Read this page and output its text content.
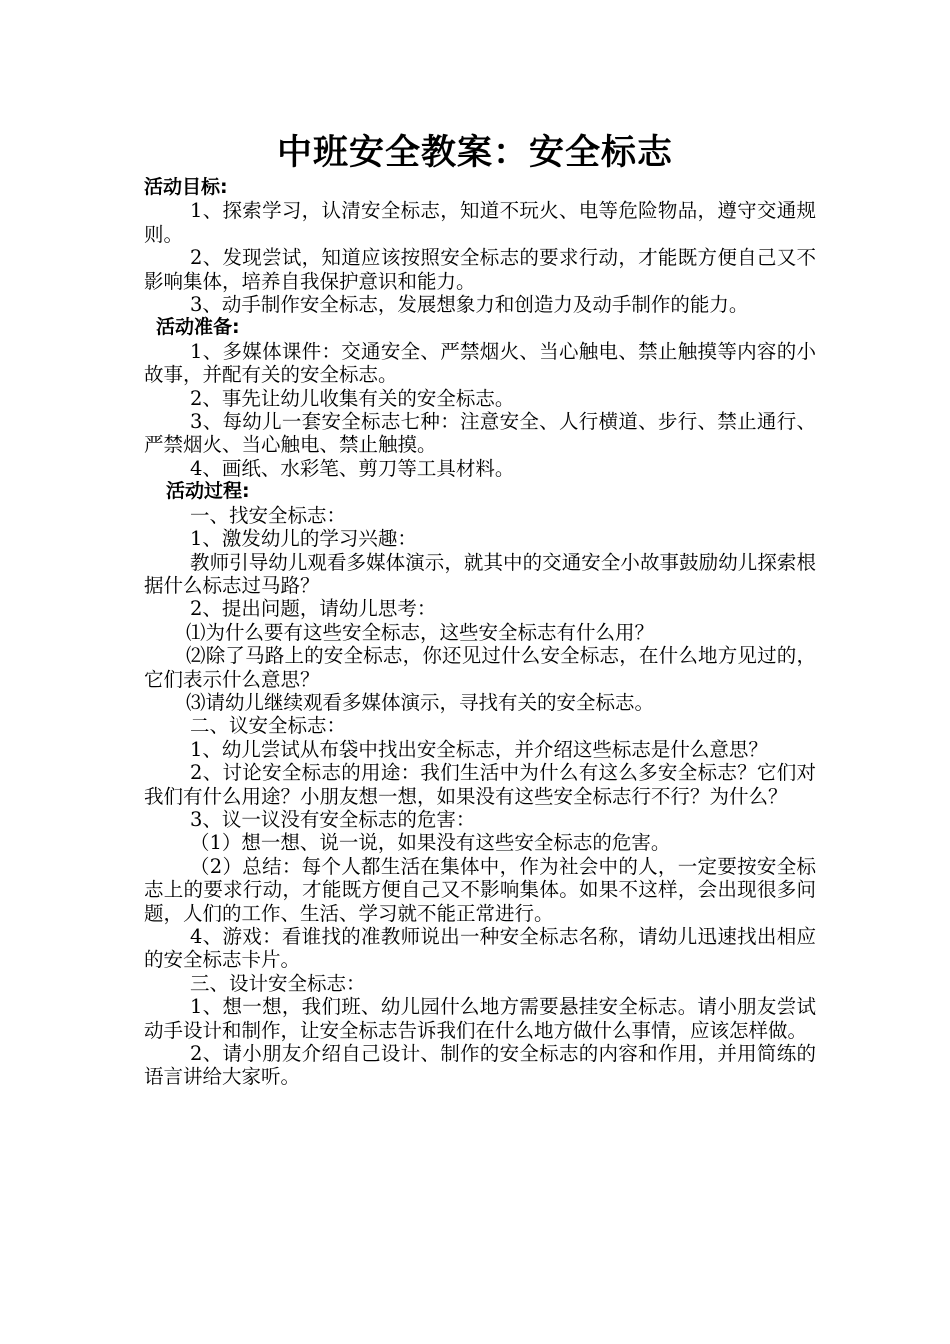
中班安全教案：安全标志

活动目标:

1、探索学习，认清安全标志，知道不玩火、电等危险物品，遵守交通规则。

2、发现尝试，知道应该按照安全标志的要求行动，才能既方便自己又不影响集体，培养自我保护意识和能力。

3、动手制作安全标志，发展想象力和创造力及动手制作的能力。

活动准备:

1、多媒体课件：交通安全、严禁烟火、当心触电、禁止触摸等内容的小故事，并配有关的安全标志。

2、事先让幼儿收集有关的安全标志。

3、每幼儿一套安全标志七种：注意安全、人行横道、步行、禁止通行、严禁烟火、当心触电、禁止触摸。

4、画纸、水彩笔、剪刀等工具材料。

活动过程:

一、找安全标志：

1、激发幼儿的学习兴趣：

教师引导幼儿观看多媒体演示，就其中的交通安全小故事鼓励幼儿探索根据什么标志过马路？

2、提出问题，请幼儿思考：

⑴为什么要有这些安全标志，这些安全标志有什么用？

⑵除了马路上的安全标志，你还见过什么安全标志，在什么地方见过的，它们表示什么意思？

⑶请幼儿继续观看多媒体演示，寻找有关的安全标志。

二、议安全标志：

1、幼儿尝试从布袋中找出安全标志，并介绍这些标志是什么意思？

2、讨论安全标志的用途：我们生活中为什么有这么多安全标志？它们对我们有什么用途？小朋友想一想，如果没有这些安全标志行不行？为什么？

3、议一议没有安全标志的危害：

（1）想一想、说一说，如果没有这些安全标志的危害。

（2）总结：每个人都生活在集体中，作为社会中的人，一定要按安全标志上的要求行动，才能既方便自己又不影响集体。如果不这样，会出现很多问题，人们的工作、生活、学习就不能正常进行。

4、游戏：看谁找的准教师说出一种安全标志名称，请幼儿迅速找出相应的安全标志卡片。

三、设计安全标志：

1、想一想，我们班、幼儿园什么地方需要悬挂安全标志。请小朋友尝试动手设计和制作，让安全标志告诉我们在什么地方做什么事情，应该怎样做。

2、请小朋友介绍自己设计、制作的安全标志的内容和作用，并用简练的语言讲给大家听。
